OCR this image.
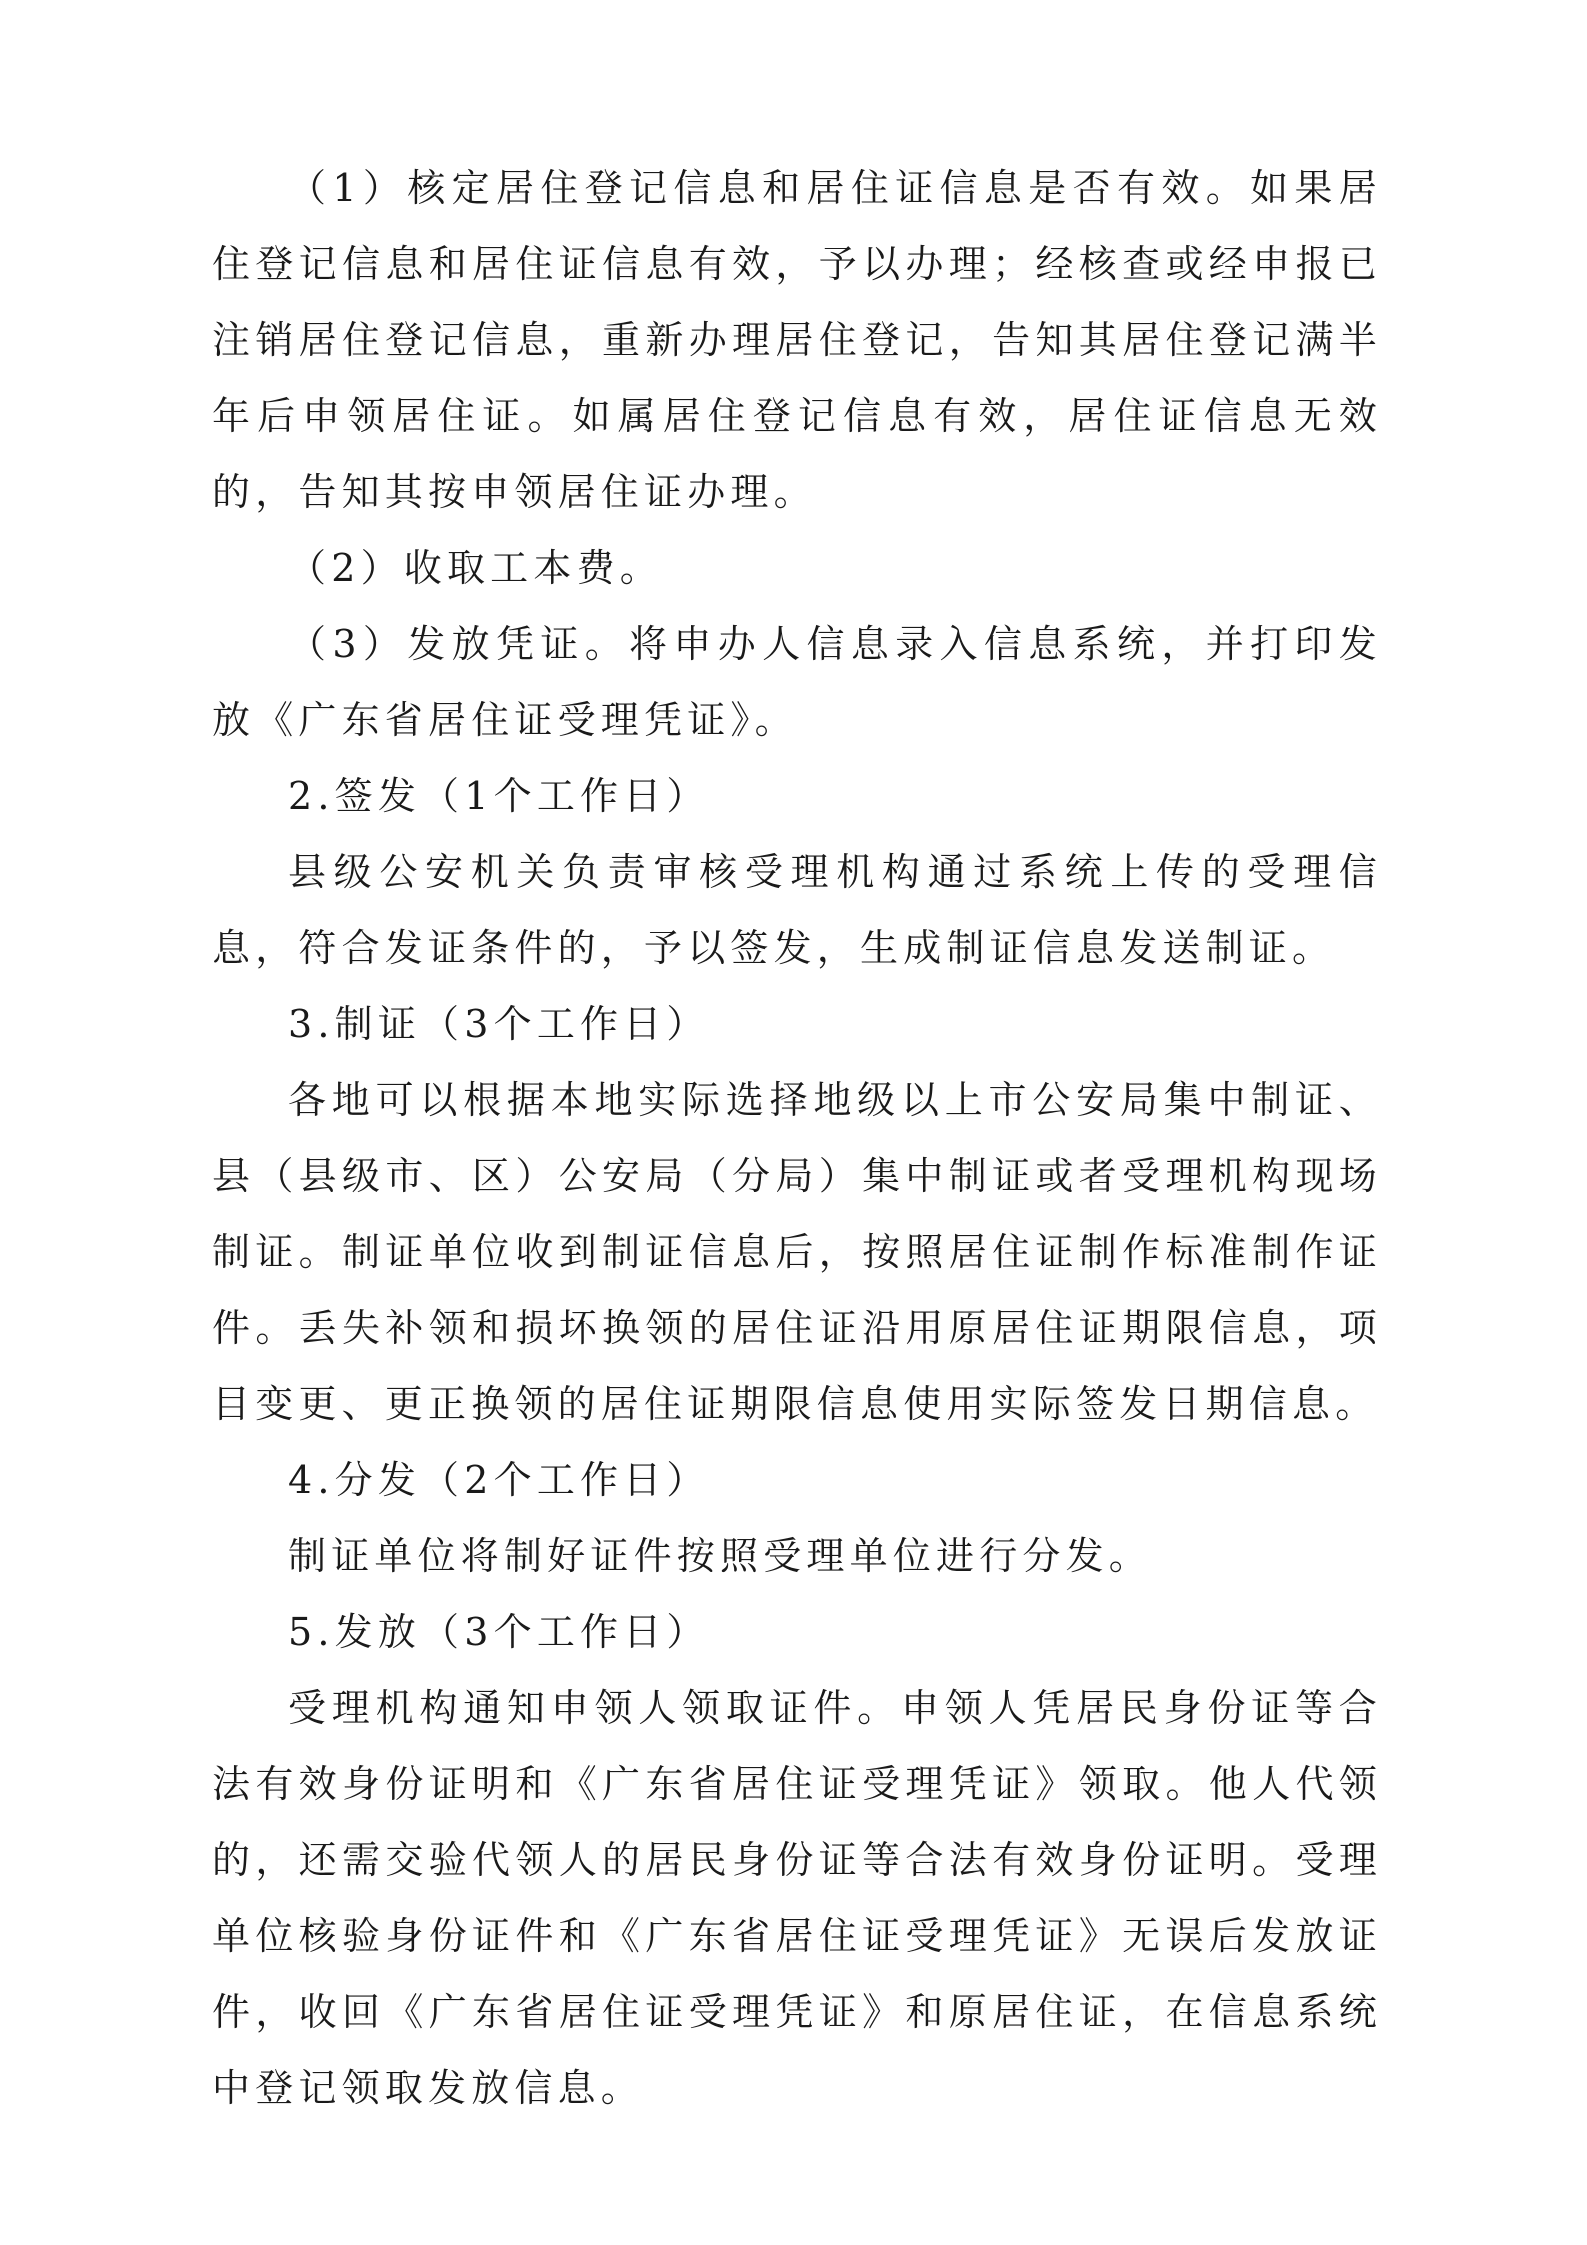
（1）核定居住登记信息和居住证信息是否有效。如果居住登记信息和居住证信息有效，予以办理；经核查或经申报已注销居住登记信息，重新办理居住登记，告知其居住登记满半年后申领居住证。如属居住登记信息有效，居住证信息无效的，告知其按申领居住证办理。

（2）收取工本费。

（3）发放凭证。将申办人信息录入信息系统，并打印发放《广东省居住证受理凭证》。

2.签发（1个工作日）

县级公安机关负责审核受理机构通过系统上传的受理信息，符合发证条件的，予以签发，生成制证信息发送制证。

3.制证（3个工作日）

各地可以根据本地实际选择地级以上市公安局集中制证、县（县级市、区）公安局（分局）集中制证或者受理机构现场制证。制证单位收到制证信息后，按照居住证制作标准制作证件。丢失补领和损坏换领的居住证沿用原居住证期限信息，项目变更、更正换领的居住证期限信息使用实际签发日期信息。

4.分发（2个工作日）

制证单位将制好证件按照受理单位进行分发。

5.发放（3个工作日）

受理机构通知申领人领取证件。申领人凭居民身份证等合法有效身份证明和《广东省居住证受理凭证》领取。他人代领的，还需交验代领人的居民身份证等合法有效身份证明。受理单位核验身份证件和《广东省居住证受理凭证》无误后发放证件，收回《广东省居住证受理凭证》和原居住证，在信息系统中登记领取发放信息。
